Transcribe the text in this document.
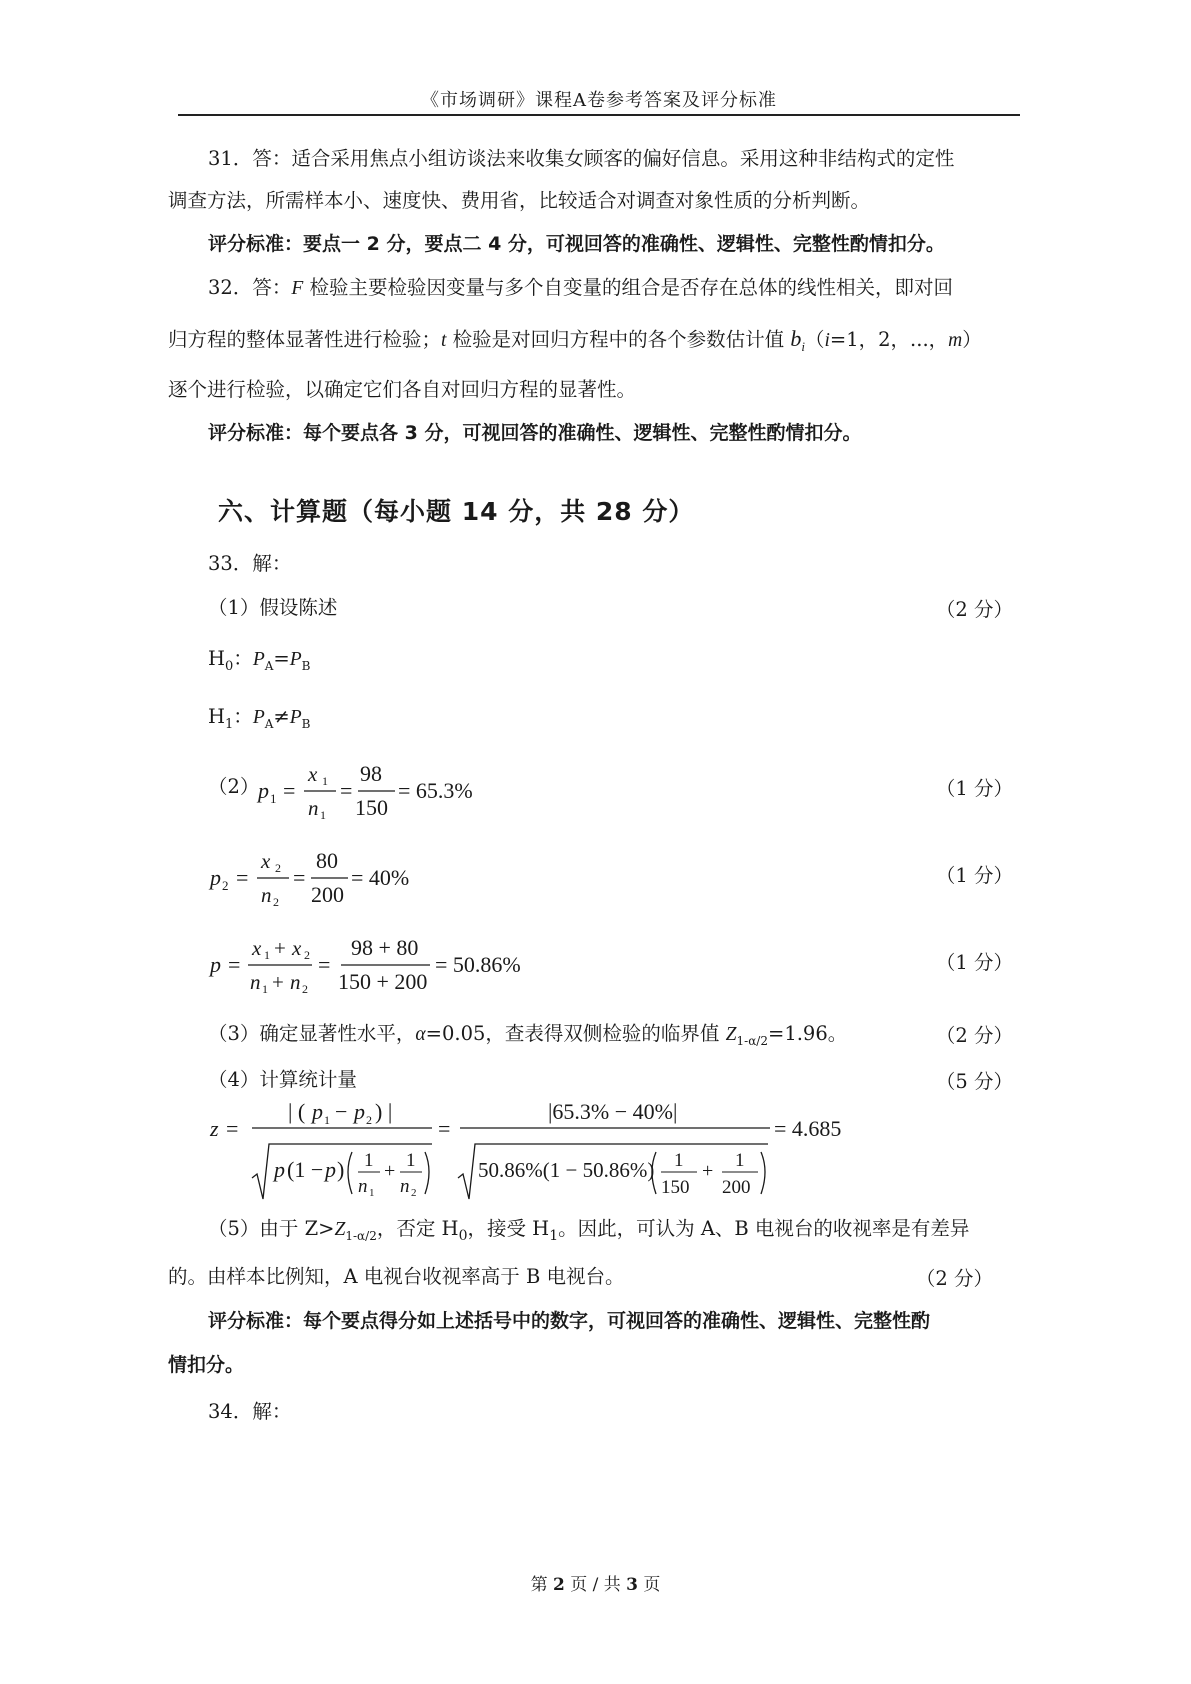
《市场调研》课程A卷参考答案及评分标准
31．答：适合采用焦点小组访谈法来收集女顾客的偏好信息。采用这种非结构式的定性
调查方法，所需样本小、速度快、费用省，比较适合对调查对象性质的分析判断。
评分标准：要点一 2 分，要点二 4 分，可视回答的准确性、逻辑性、完整性酌情扣分。
32．答：F 检验主要检验因变量与多个自变量的组合是否存在总体的线性相关，即对回
归方程的整体显著性进行检验；t 检验是对回归方程中的各个参数估计值 $b_i(i=1$，2，...，m）
逐个进行检验，以确定它们各自对回归方程的显著性。
评分标准：每个要点各 3 分，可视回答的准确性、逻辑性、完整性酌情扣分。
六、计算题（每小题 14 分，共 28 分）
33．解：
（1）假设陈述	（2 分）
$H_0$：$P_A=P_B$
$H_1$：$P_A\ne P_B$
（2）
p 1 =
x 1
n 1
=
98
150
= 65.3%	（1 分）
p 2 =
x 2
n 2
=
80
200
= 40%	（1 分）
p =
x 1 + x 2
n 1 + n 2
=
98 + 80
150 + 200
= 50.86%	（1 分）
（3）确定显著性水平，α=0.05，查表得双侧检验的临界值 $Z_{1-\alpha/2}=1.96$。	（2 分）
（4）计算统计量	（5 分）
z =
| ( p 1 − p 2 ) |
p (1 − p ) 1
n 1
+ 1
n 2
=
|65.3% − 40%|
50.86%(1 − 50.86%) 1
150
+ 1
200
= 4.685
（5）由于 $Z>Z_{1-\alpha/2}$，否定 $H_0$，接受 $H_1$。因此，可认为 A、B 电视台的收视率是有差异
的。由样本比例知，A 电视台收视率高于 B 电视台。	（2 分）
评分标准：每个要点得分如上述括号中的数字，可视回答的准确性、逻辑性、完整性酌
情扣分。
34．解：
第 2 页 / 共 3 页
